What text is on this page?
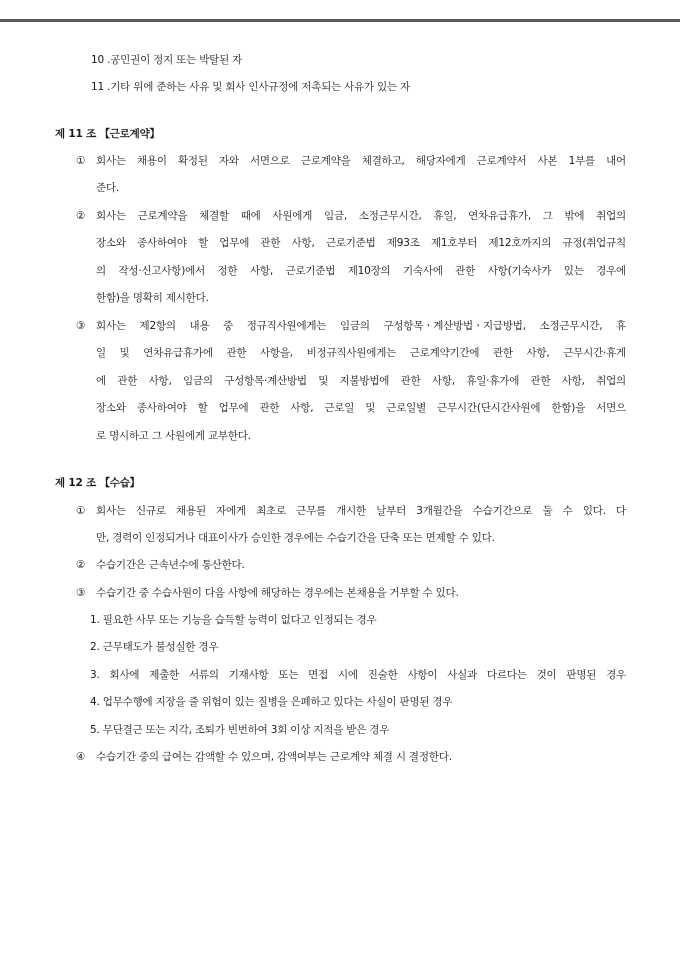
10 .공민권이 정지 또는 박탈된 자
11 .기타 위에 준하는 사유 및 회사 인사규정에 저촉되는 사유가 있는 자
제 11 조 【근로계약】
① 회사는 채용이 확정된 자와 서면으로 근로계약을 체결하고, 해당자에게 근로계약서 사본 1부를 내어
준다.
② 회사는 근로계약을 체결할 때에 사원에게 임금, 소정근무시간, 휴일, 연차유급휴가, 그 밖에 취업의
장소와 종사하여야 할 업무에 관한 사항, 근로기준법 제93조 제1호부터 제12호까지의 규정(취업규칙
의 작성·신고사항)에서 정한 사항, 근로기준법 제10장의 기숙사에 관한 사항(기숙사가 있는 경우에
한함)을 명확히 제시한다.
③ 회사는 제2항의 내용 중 정규직사원에게는 임금의 구성항목ㆍ계산방법ㆍ지급방법, 소정근무시간, 휴
일 및 연차유급휴가에 관한 사항을, 비정규직사원에게는 근로계약기간에 관한 사항, 근무시간·휴게
에 관한 사항, 임금의 구성항목·계산방법 및 지불방법에 관한 사항, 휴일·휴가에 관한 사항, 취업의
장소와 종사하여야 할 업무에 관한 사항, 근로일 및 근로일별 근무시간(단시간사원에 한함)을 서면으
로 명시하고 그 사원에게 교부한다.
제 12 조 【수습】
① 회사는 신규로 채용된 자에게 최초로 근무를 개시한 날부터 3개월간을 수습기간으로 둘 수 있다. 다
만, 경력이 인정되거나 대표이사가 승인한 경우에는 수습기간을 단축 또는 면제할 수 있다.
② 수습기간은 근속년수에 통산한다.
③ 수습기간 중 수습사원이 다음 사항에 해당하는 경우에는 본채용을 거부할 수 있다.
1. 필요한 사무 또는 기능을 습득할 능력이 없다고 인정되는 경우
2. 근무태도가 불성실한 경우
3. 회사에 제출한 서류의 기재사항 또는 면접 시에 진술한 사항이 사실과 다르다는 것이 판명된 경우
4. 업무수행에 지장을 줄 위험이 있는 질병을 은폐하고 있다는 사실이 판명된 경우
5. 무단결근 또는 지각, 조퇴가 빈번하여 3회 이상 지적을 받은 경우
④ 수습기간 중의 급여는 감액할 수 있으며, 감액여부는 근로계약 체결 시 결정한다.
